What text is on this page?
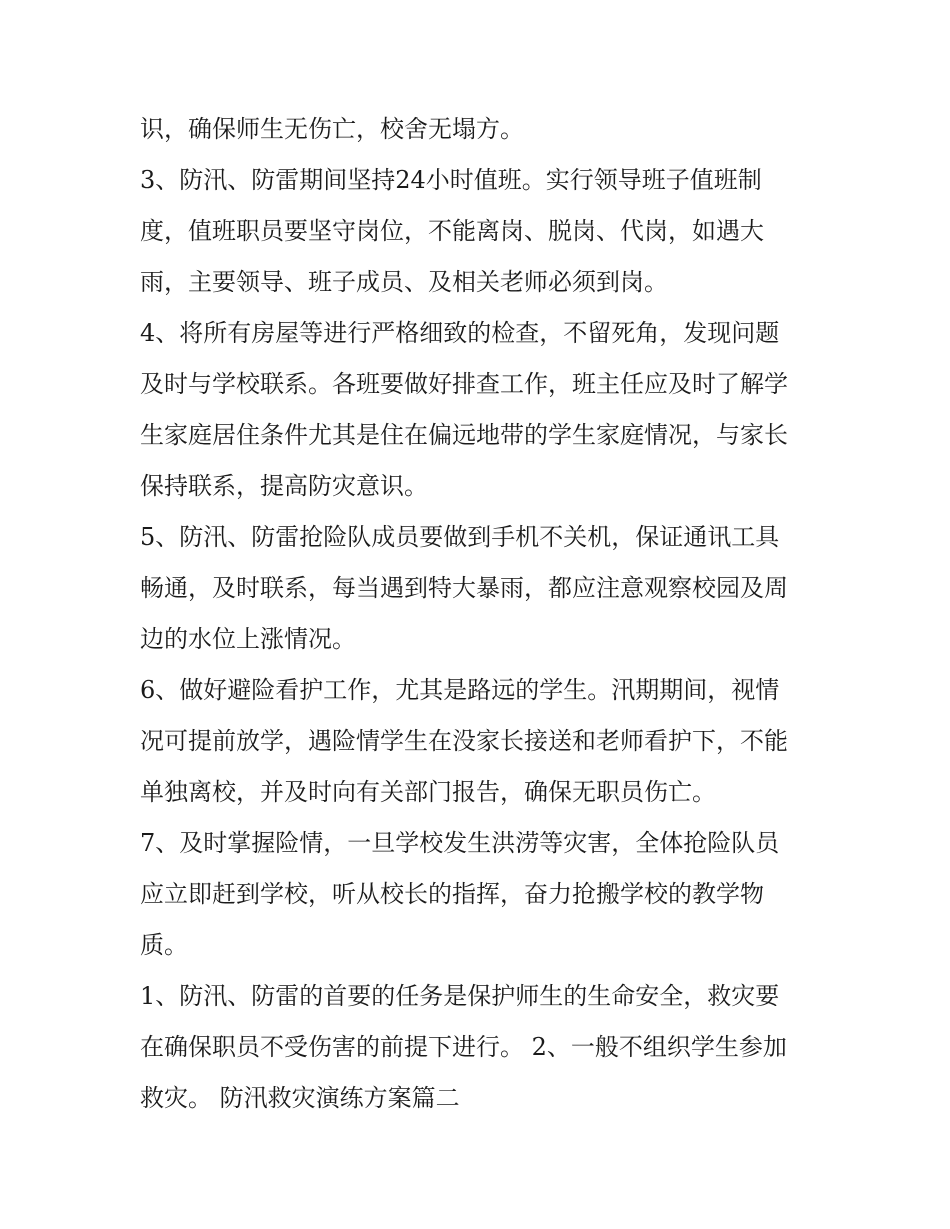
识，确保师生无伤亡，校舍无塌方。
3、防汛、防雷期间坚持24小时值班。实行领导班子值班制
度，值班职员要坚守岗位，不能离岗、脱岗、代岗，如遇大
雨，主要领导、班子成员、及相关老师必须到岗。
4、将所有房屋等进行严格细致的检查，不留死角，发现问题
及时与学校联系。各班要做好排查工作，班主任应及时了解学
生家庭居住条件尤其是住在偏远地带的学生家庭情况，与家长
保持联系，提高防灾意识。
5、防汛、防雷抢险队成员要做到手机不关机，保证通讯工具
畅通，及时联系，每当遇到特大暴雨，都应注意观察校园及周
边的水位上涨情况。
6、做好避险看护工作，尤其是路远的学生。汛期期间，视情
况可提前放学，遇险情学生在没家长接送和老师看护下，不能
单独离校，并及时向有关部门报告，确保无职员伤亡。
7、及时掌握险情，一旦学校发生洪涝等灾害，全体抢险队员
应立即赶到学校，听从校长的指挥，奋力抢搬学校的教学物
质。
1、防汛、防雷的首要的任务是保护师生的生命安全，救灾要
在确保职员不受伤害的前提下进行。 2、一般不组织学生参加
救灾。 防汛救灾演练方案篇二
